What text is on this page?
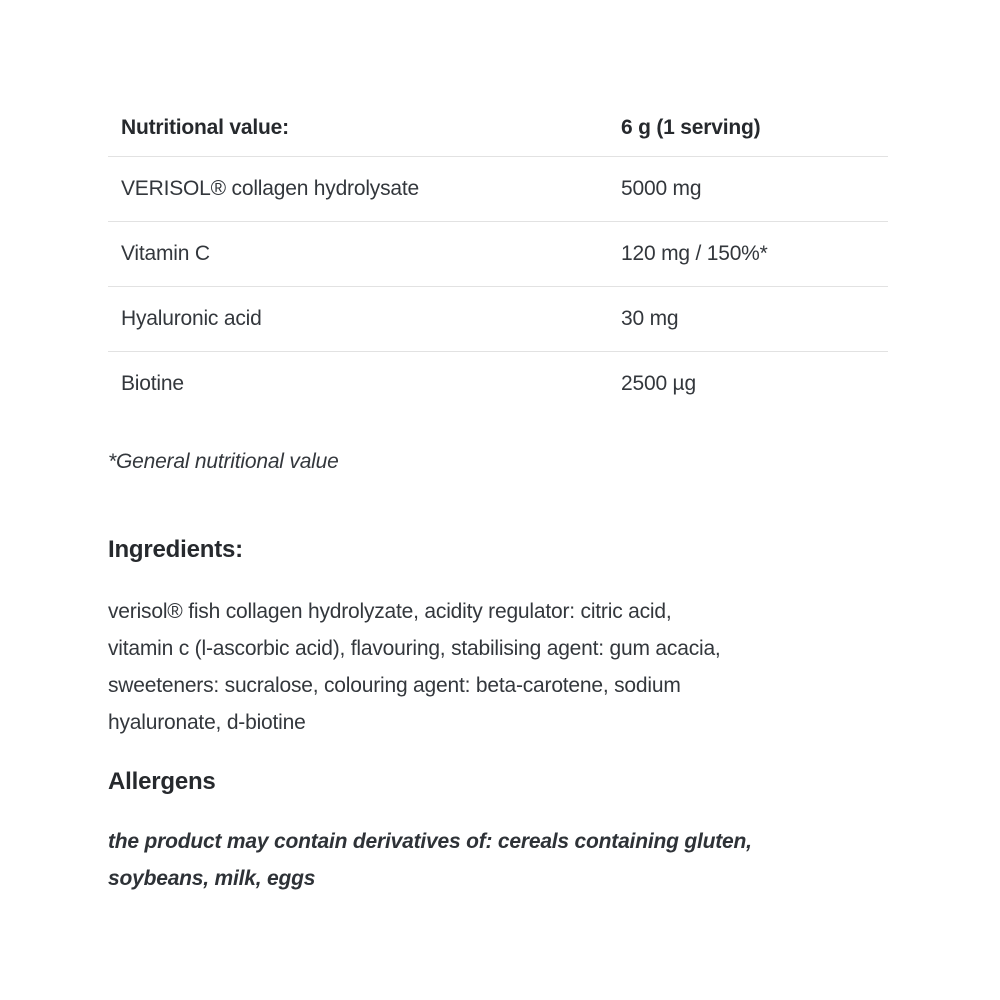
Nutritional value:	6 g (1 serving)
VERISOL® collagen hydrolysate	5000 mg
Vitamin C	120 mg / 150%*
Hyaluronic acid	30 mg
Biotine	2500 µg
*General nutritional value
Ingredients:
verisol® fish collagen hydrolyzate, acidity regulator: citric acid,
vitamin c (l-ascorbic acid), flavouring, stabilising agent: gum acacia,
sweeteners: sucralose, colouring agent: beta-carotene, sodium
hyaluronate, d-biotine
Allergens
the product may contain derivatives of: cereals containing gluten,
soybeans, milk, eggs
